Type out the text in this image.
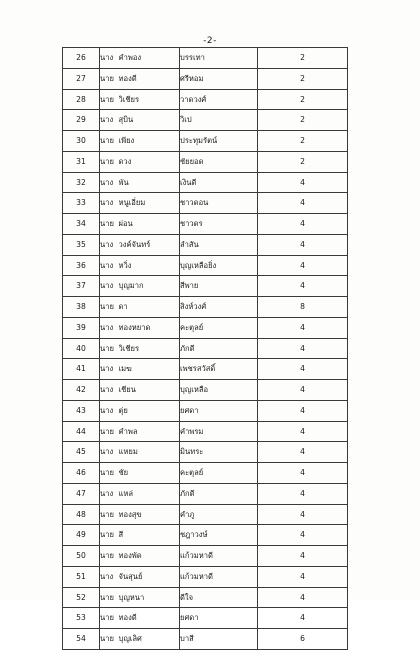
-2-
26	นาง	คำพอง	บรรเทา	2
27	นาย	ทองดี	ศรีหอม	2
28	นาย	วิเชียร	วาดวงศ์	2
29	นาง	สุบิน	วิเป	2
30	นาย	เพียง	ประทุมรัตน์	2
31	นาย	ดวง	ชัยยอด	2
32	นาง	พัน	เงินดี	4
33	นาง	หนูเอี่ยม	ชาวดอน	4
34	นาย	ผ่อน	ชาวดร	4
35	นาง	วงค์จันทร์	ลำสัน	4
36	นาง	หวิ่ง	บุญเหลือยิ่ง	4
37	นาง	บุญมาก	สีพาย	4
38	นาย	ดา	สิงห์วงศ์	8
39	นาง	ทองหยาด	คะตุลย์	4
40	นาย	วิเชียร	ภักดี	4
41	นาง	เมฆ	เพชรสวัสดิ์	4
42	นาง	เชียน	บุญเหลือ	4
43	นาง	ตุ่ย	ยศดา	4
44	นาย	คำพล	คำพรม	4
45	นาง	แหยม	มินทระ	4
46	นาย	ชัย	คะตุลย์	4
47	นาง	แหล่	ภักดี	4
48	นาย	ทองสุข	คำภู	4
49	นาย	สี	ชฎาวงษ์	4
50	นาย	ทองพัด	แก้วมหาดี	4
51	นาง	จันสุนย์	แก้วมหาดี	4
52	นาย	บุญหนา	ดีใจ	4
53	นาย	ทองดี	ยศดา	4
54	นาย	บุญเลิศ	บาสี	6
